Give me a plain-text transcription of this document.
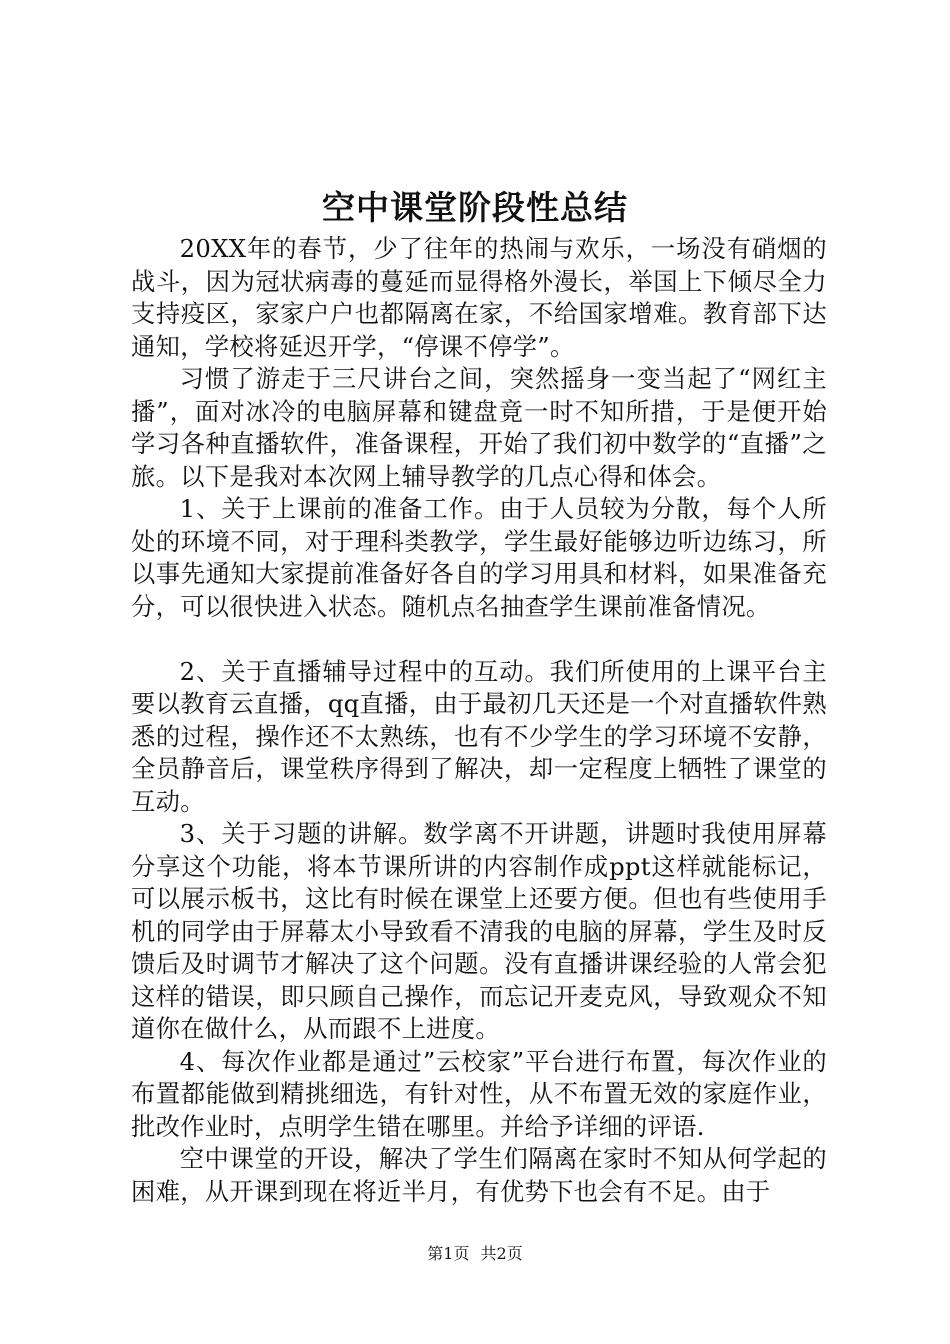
空中课堂阶段性总结

20XX年的春节，少了往年的热闹与欢乐，一场没有硝烟的战斗，因为冠状病毒的蔓延而显得格外漫长，举国上下倾尽全力支持疫区，家家户户也都隔离在家，不给国家增难。教育部下达通知，学校将延迟开学，“停课不停学”。

习惯了游走于三尺讲台之间，突然摇身一变当起了“网红主播”，面对冰冷的电脑屏幕和键盘竟一时不知所措，于是便开始学习各种直播软件，准备课程，开始了我们初中数学的“直播”之旅。以下是我对本次网上辅导教学的几点心得和体会。

1、关于上课前的准备工作。由于人员较为分散，每个人所处的环境不同，对于理科类教学，学生最好能够边听边练习，所以事先通知大家提前准备好各自的学习用具和材料，如果准备充分，可以很快进入状态。随机点名抽查学生课前准备情况。

2、关于直播辅导过程中的互动。我们所使用的上课平台主要以教育云直播，qq直播，由于最初几天还是一个对直播软件熟悉的过程，操作还不太熟练，也有不少学生的学习环境不安静，全员静音后，课堂秩序得到了解决，却一定程度上牺牲了课堂的互动。

3、关于习题的讲解。数学离不开讲题，讲题时我使用屏幕分享这个功能，将本节课所讲的内容制作成ppt这样就能标记，可以展示板书，这比有时候在课堂上还要方便。但也有些使用手机的同学由于屏幕太小导致看不清我的电脑的屏幕，学生及时反馈后及时调节才解决了这个问题。没有直播讲课经验的人常会犯这样的错误，即只顾自己操作，而忘记开麦克风，导致观众不知道你在做什么，从而跟不上进度。

4、每次作业都是通过”云校家”平台进行布置，每次作业的布置都能做到精挑细选，有针对性，从不布置无效的家庭作业，批改作业时，点明学生错在哪里。并给予详细的评语.

空中课堂的开设，解决了学生们隔离在家时不知从何学起的困难，从开课到现在将近半月，有优势下也会有不足。由于

第1页 共2页
